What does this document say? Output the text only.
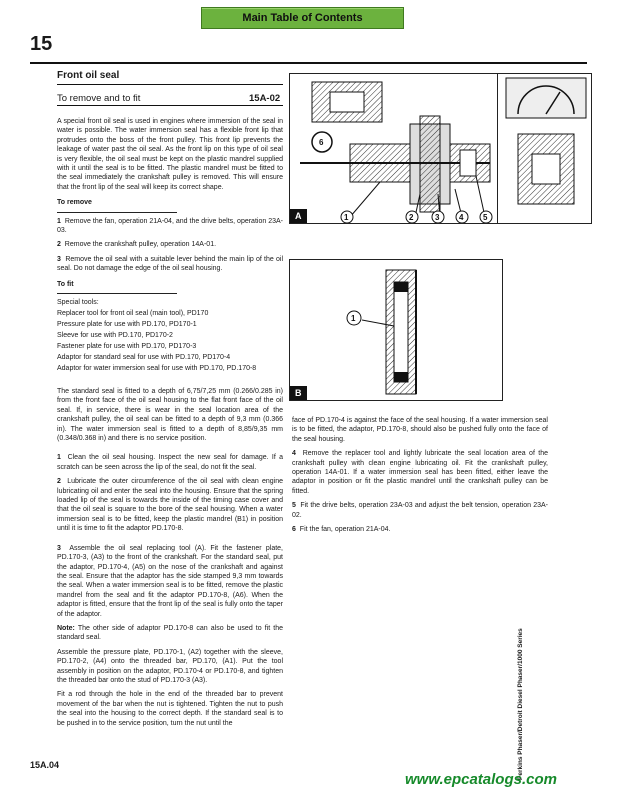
Main Table of Contents
15
Front oil seal
To remove and to fit	15A-02

A special front oil seal is used in engines where immersion of the seal in water is possible. The water immersion seal has a flexible front lip that protrudes onto the boss of the front pulley. This front lip prevents the leakage of water past the oil seal. As the front lip on this type of oil seal is very flexible, the oil seal must be kept on the plastic mandrel supplied with it until the seal is to be fitted. The plastic mandrel must be fitted to the seal immediately the crankshaft pulley is removed. This will ensure that the front lip of the seal will keep its correct shape.

To remove

1 Remove the fan, operation 21A-04, and the drive belts, operation 23A-03.

2 Remove the crankshaft pulley, operation 14A-01.

3 Remove the oil seal with a suitable lever behind the main lip of the oil seal. Do not damage the edge of the oil seal housing.

To fit
Special tools:
Replacer tool for front oil seal (main tool), PD170
Pressure plate for use with PD.170, PD170-1
Sleeve for use with PD.170, PD170-2
Fastener plate for use with PD.170, PD170-3
Adaptor for standard seal for use with PD.170, PD170-4
Adaptor for water immersion seal for use with PD.170, PD.170-8

The standard seal is fitted to a depth of 6,75/7,25 mm (0.266/0.285 in) from the front face of the oil seal housing to the flat front face of the oil seal. If, in service, there is wear in the seal location area of the crankshaft pulley, the oil seal can be fitted to a depth of 9,3 mm (0.366 in). The water immersion seal is fitted to a depth of 8,85/9,35 mm (0.348/0.368 in) and there is no service position.

1 Clean the oil seal housing. Inspect the new seal for damage. If a scratch can be seen across the lip of the seal, do not fit the seal.

2 Lubricate the outer circumference of the oil seal with clean engine lubricating oil and enter the seal into the housing. Ensure that the spring loaded lip of the seal is towards the inside of the timing case cover and that the oil seal is square to the bore of the seal housing. When a water immersion seal is to be fitted, keep the plastic mandrel (B1) in position until it is time to fit the adaptor PD.170-8.

3 Assemble the oil seal replacing tool (A). Fit the fastener plate, PD.170-3, (A3) to the front of the crankshaft. For the standard seal, put the adaptor, PD.170-4, (A5) on the nose of the crankshaft and against the seal. Ensure that the adaptor has the side stamped 9,3 mm towards the seal. When a water immersion seal is to be fitted, remove the plastic mandrel from the seal and fit the adaptor PD.170-8, (A6). When the adaptor is fitted, ensure that the front lip of the seal is fully onto the taper of the adaptor.

Note: The other side of adaptor PD.170-8 can also be used to fit the standard seal.

Assemble the pressure plate, PD.170-1, (A2) together with the sleeve, PD.170-2, (A4) onto the threaded bar, PD.170, (A1). Put the tool assembly in position on the adaptor, PD.170-4 or PD.170-8, and tighten the threaded bar onto the stud of PD.170-3 (A3).

Fit a rod through the hole in the end of the threaded bar to prevent movement of the bar when the nut is tightened. Tighten the nut to push the seal into the housing to the correct depth. If the standard seal is to be pushed in to the service position, turn the nut until the

face of PD.170-4 is against the face of the seal housing. If a water immersion seal is to be fitted, the adaptor, PD.170-8, should also be pushed fully onto the face of the seal housing.

4 Remove the replacer tool and lightly lubricate the seal location area of the crankshaft pulley with clean engine lubricating oil. Fit the crankshaft pulley, operation 14A-01. If a water immersion seal has been fitted, either leave the adaptor in position or fit the plastic mandrel until the crankshaft pulley can be fitted.

5 Fit the drive belts, operation 23A-03 and adjust the belt tension, operation 23A-02.

6 Fit the fan, operation 21A-04.

1	2	3 4 5
6
A
1
B
Perkins Phaser/Detroit Diesel Phaser/1000 Series
15A.04
www.epcatalogs.com
